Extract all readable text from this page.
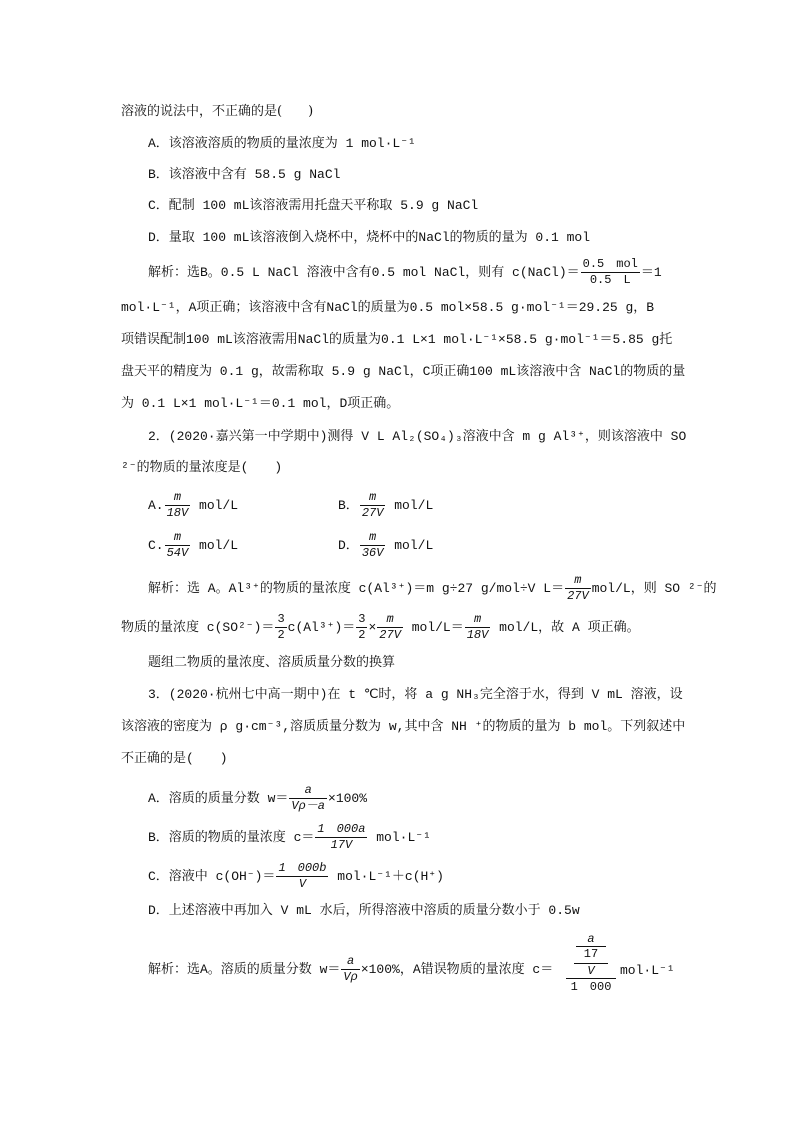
溶液的说法中，不正确的是(　　)
A．该溶液溶质的物质的量浓度为 1 mol·L⁻¹
B．该溶液中含有 58.5 g NaCl
C．配制 100 mL该溶液需用托盘天平称取 5.9 g NaCl
D．量取 100 mL该溶液倒入烧杯中，烧杯中的NaCl的物质的量为 0.1 mol
解析：选B。0.5 L NaCl 溶液中含有0.5 mol NaCl，则有 c(NaCl)＝ $\frac{\text{0.5　mol}}{0.5 L} =1$
mol·L⁻¹，A项正确；该溶液中含有NaCl的质量为0.5 mol×58.5 g·mol⁻¹＝29.25 g，B
项错误配制100 mL该溶液需用NaCl的质量为0.1 L×1 mol·L⁻¹×58.5 g·mol⁻¹＝5.85 g托
盘天平的精度为 0.1 g，故需称取 5.9 g NaCl，C项正确100 mL该溶液中含 NaCl的物质的量
为 0.1 L×1 mol·L⁻¹＝0.1 mol，D项正确。
2．(2020·嘉兴第一中学期中)测得 V L Al₂(SO₄)₃溶液中含 m g Al³⁺，则该溶液中 SO
²⁻的物质的量浓度是(　　)
A. $\frac{m}{18V} mol/L$	B． $\frac{m}{27V} mol/L$
C. $\frac{m}{54V} mol/L$	D． $\frac{m}{36V} mol/L$
解析：选 A。Al³⁺的物质的量浓度 c(Al³⁺)＝m g÷27 g/mol÷V $L= \frac{m}{27V} mol/L$，则 SO ²⁻的
物质的量浓度 $c(SO^{2-})= \frac{3}{2} c(Al^{3+})= \frac{3}{2} \times \frac{m}{27V} mol/L= \frac{m}{18V} mol/L$，故 A 项正确。
题组二物质的量浓度、溶质质量分数的换算
3．(2020·杭州七中高一期中)在 t ℃时，将 a g NH₃完全溶于水，得到 V mL 溶液，设
该溶液的密度为 ρ g·cm⁻³,溶质质量分数为 w,其中含 NH ⁺的物质的量为 b mol。下列叙述中
不正确的是(　　)
A．溶质的质量分数 $w= \frac{a}{V\rho-a} \times 100\%$
B．溶质的物质的量浓度 $c= \frac{1 000a}{17V} mol\cdot L^{-1}$
C．溶液中 $c(OH^-)= \frac{1 000b}{V} mol\cdot L^{-1}+c(H^+)$
D．上述溶液中再加入 V mL 水后，所得溶液中溶质的质量分数小于 0.5w
解析：选A。溶质的质量分数 $w= \frac{a}{V\rho} \times 100\%$，A错误物质的量浓度 c＝
a
17
V
1　000
mol·L⁻¹
